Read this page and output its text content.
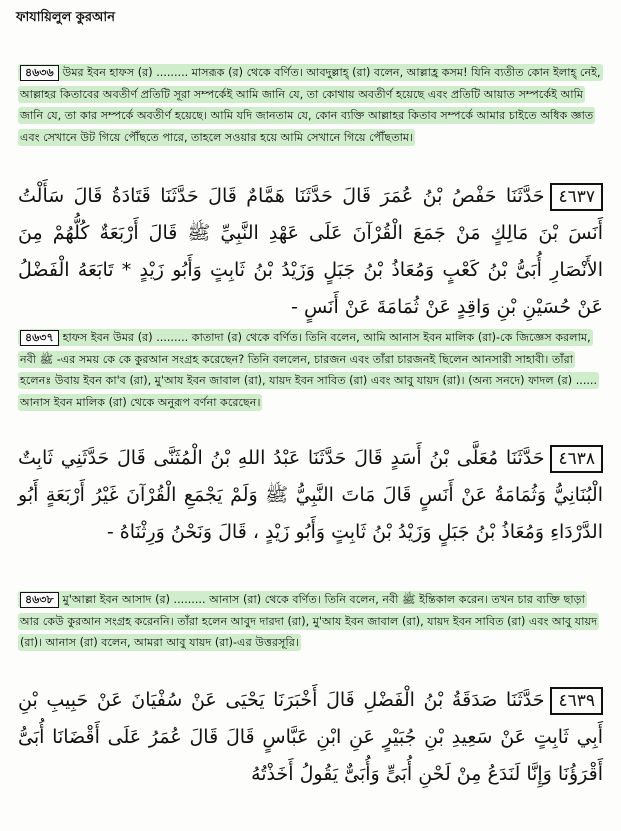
ফাযায়িলুল কুরআন
৪৬৩৬ উমর ইবন হাফস (র) ......... মাসরূক (র) থেকে বর্ণিত। আবদুল্লাহ্ (রা) বলেন, আল্লাহ্র কসম! যিনি ব্যতীত কোন ইলাহ্ নেই, আল্লাহর কিতাবের অবতীর্ণ প্রতিটি সূরা সম্পর্কেই আমি জানি যে, তা কোথায় অবতীর্ণ হয়েছে এবং প্রতিটি আয়াত সম্পর্কেই আমি জানি যে, তা কার সম্পর্কে অবতীর্ণ হয়েছে। আমি যদি জানতাম যে, কোন ব্যক্তি আল্লাহর কিতাব সম্পর্কে আমার চাইতে অধিক জ্ঞাত এবং সেখানে উট গিয়ে পৌঁছতে পারে, তাহলে সওয়ার হয়ে আমি সেখানে গিয়ে পৌঁছতাম।
٤٦٣٧حَدَّثَنَا حَفْصُ بْنُ عُمَرَ قَالَ حَدَّثَنَا هَمَّامٌ قَالَ حَدَّثَنَا قَتَادَةُ قَالَ سَأَلْتُ أَنَسَ بْنَ مَالِكٍ مَنْ جَمَعَ الْقُرْآنَ عَلَى عَهْدِ النَّبِيِّ ﷺ قَالَ أَرْبَعَةٌ كُلُّهُمْ مِنَ الأَنْصَارِ أُبَىُّ بْنُ كَعْبٍ وَمُعَاذُ بْنُ جَبَلٍ وَزَيْدُ بْنُ ثَابِتٍ وَأَبُو زَيْدٍ * تَابَعَهُ الْفَضْلُ عَنْ حُسَيْنِ بْنِ وَاقِدٍ عَنْ ثُمَامَةَ عَنْ أَنَسٍ -
৪৬৩৭ হাফস ইবন উমর (র) ......... কাতাদা (র) থেকে বর্ণিত। তিনি বলেন, আমি আনাস ইবন মালিক (রা)-কে জিজ্ঞেস করলাম, নবী ﷺ -এর সময় কে কে কুরআন সংগ্রহ করেছেন? তিনি বললেন, চারজন এবং তাঁরা চারজনই ছিলেন আনসারী সাহাবী। তাঁরা হলেনঃ উবায় ইবন কা'ব (রা), মু'আয ইবন জাবাল (রা), যায়দ ইবন সাবিত (রা) এবং আবু যায়দ (রা)। (অন্য সনদে) ফাদল (র) ...... আনাস ইবন মালিক (রা) থেকে অনুরূপ বর্ণনা করেছেন।
٤٦٣٨حَدَّثَنَا مُعَلَّى بْنُ أَسَدٍ قَالَ حَدَّثَنَا عَبْدُ اللهِ بْنُ الْمُثَنَّى قَالَ حَدَّثَنِي ثَابِتٌ الْبُنَانِيُّ وَثُمَامَةُ عَنْ أَنَسٍ قَالَ مَاتَ النَّبِيُّ ﷺ وَلَمْ يَجْمَعِ الْقُرْآنَ غَيْرُ أَرْبَعَةٍ أَبُو الدَّرْدَاءِ وَمُعَاذُ بْنُ جَبَلٍ وَزَيْدُ بْنُ ثَابِتٍ وَأَبُو زَيْدٍ ، قَالَ وَنَحْنُ وَرِثْنَاهُ -
৪৬৩৮ মু'আল্লা ইবন আসাদ (র) ......... আনাস (রা) থেকে বর্ণিত। তিনি বলেন, নবী ﷺ ইন্তিকাল করেন। তখন চার ব্যক্তি ছাড়া আর কেউ কুরআন সংগ্রহ করেননি। তাঁরা হলেন আবুদ দারদা (রা), মু'আয ইবন জাবাল (রা), যায়দ ইবন সাবিত (রা) এবং আবু যায়দ (রা)। আনাস (রা) বলেন, আমরা আবু যায়দ (রা)-এর উত্তরসূরি।
٤٦٣٩حَدَّثَنَا صَدَقَةُ بْنُ الْفَضْلِ قَالَ أَخْبَرَنَا يَحْيَى عَنْ سُفْيَانَ عَنْ حَبِيبِ بْنِ أَبِي ثَابِتٍ عَنْ سَعِيدِ بْنِ جُبَيْرٍ عَنِ ابْنِ عَبَّاسٍ قَالَ قَالَ عُمَرُ عَلَى أَقْضَانَا أُبَىُّ أَقْرَؤُنَا وَإِنَّا لَنَدَعُ مِنْ لَحْنِ أُبَىٍّ وَأُبَىٌّ يَقُولُ أَخَذْتُهُ
